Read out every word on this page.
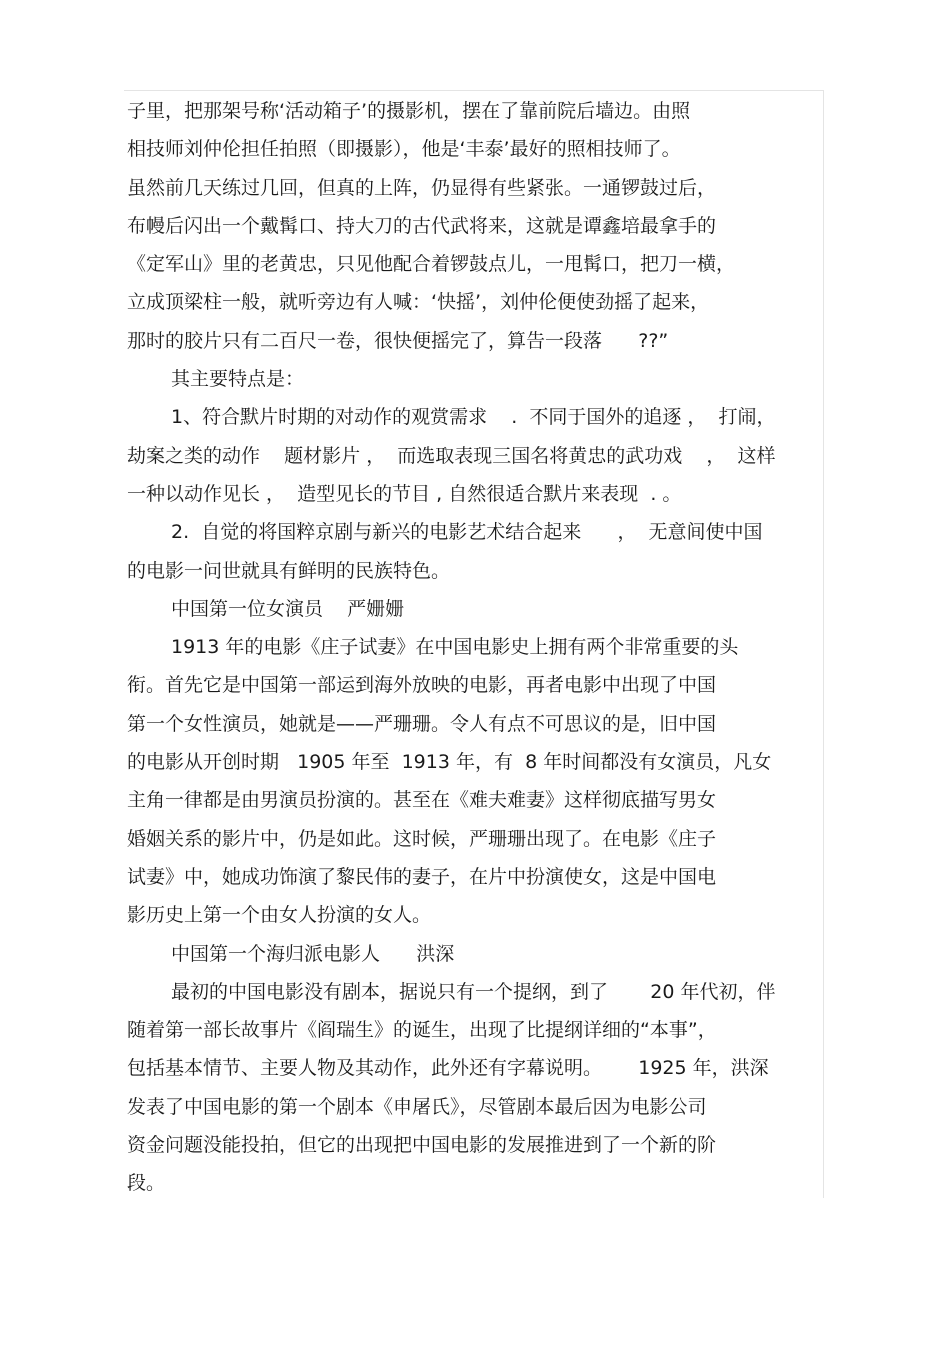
子里，把那架号称‘活动箱子’的摄影机，摆在了靠前院后墙边。由照
相技师刘仲伦担任拍照（即摄影），他是‘丰泰’最好的照相技师了。
虽然前几天练过几回，但真的上阵，仍显得有些紧张。一通锣鼓过后，
布幔后闪出一个戴髯口、持大刀的古代武将来，这就是谭鑫培最拿手的
《定军山》里的老黄忠，只见他配合着锣鼓点儿，一甩髯口，把刀一横，
立成顶梁柱一般，就听旁边有人喊：‘快摇’，刘仲伦便使劲摇了起来，
那时的胶片只有二百尺一卷，很快便摇完了，算告一段落      ??”
其主要特点是：
1、符合默片时期的对动作的观赏需求    .  不同于国外的追逐 ，  打闹，
劫案之类的动作    题材影片 ，  而选取表现三国名将黄忠的武功戏    ，  这样
一种以动作见长 ，  造型见长的节目 , 自然很适合默片来表现  . 。
2.  自觉的将国粹京剧与新兴的电影艺术结合起来      ，  无意间使中国
的电影一问世就具有鲜明的民族特色。
中国第一位女演员    严姗姗
1913 年的电影《庄子试妻》在中国电影史上拥有两个非常重要的头
衔。首先它是中国第一部运到海外放映的电影，再者电影中出现了中国
第一个女性演员，她就是——严珊珊。令人有点不可思议的是，旧中国
的电影从开创时期   1905 年至  1913 年，有  8 年时间都没有女演员，凡女
主角一律都是由男演员扮演的。甚至在《难夫难妻》这样彻底描写男女
婚姻关系的影片中，仍是如此。这时候，严珊珊出现了。在电影《庄子
试妻》中，她成功饰演了黎民伟的妻子，在片中扮演使女，这是中国电
影历史上第一个由女人扮演的女人。
中国第一个海归派电影人      洪深
最初的中国电影没有剧本，据说只有一个提纲，到了       20 年代初，伴
随着第一部长故事片《阎瑞生》的诞生，出现了比提纲详细的“本事”，
包括基本情节、主要人物及其动作，此外还有字幕说明。      1925 年，洪深
发表了中国电影的第一个剧本《申屠氏》，尽管剧本最后因为电影公司
资金问题没能投拍，但它的出现把中国电影的发展推进到了一个新的阶
段。
